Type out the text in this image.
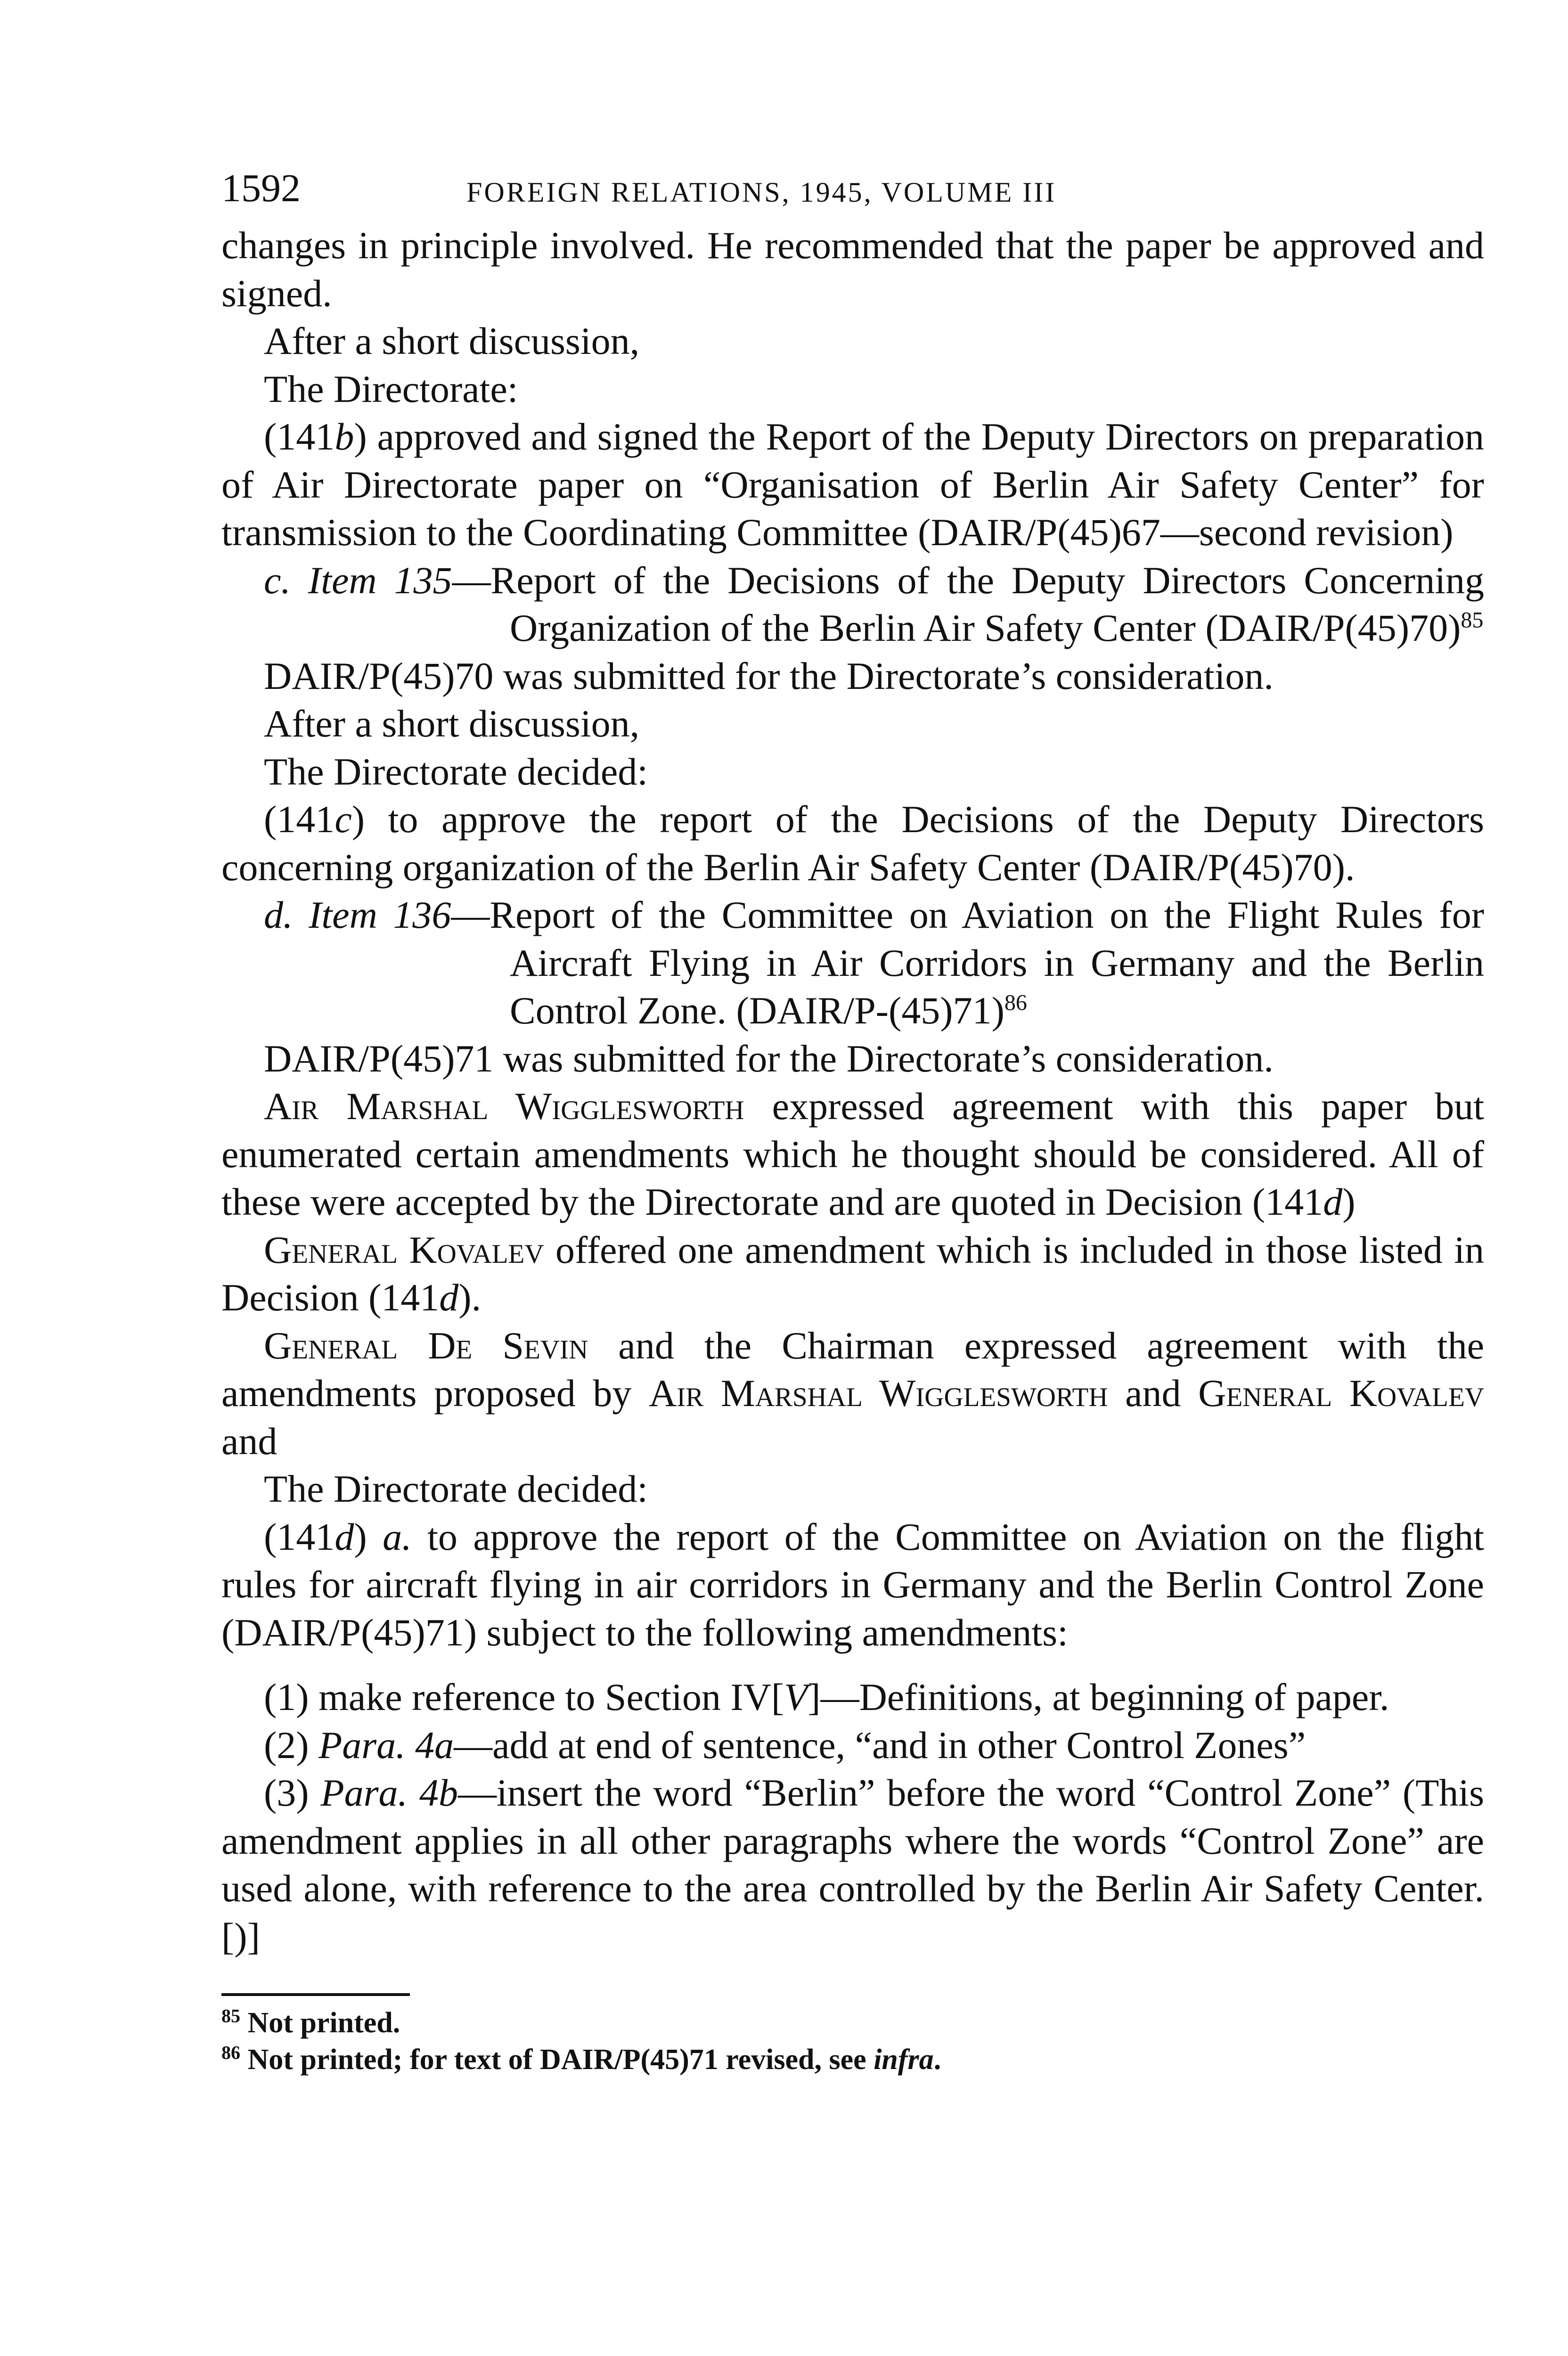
1592	FOREIGN RELATIONS, 1945, VOLUME III

changes in principle involved. He recommended that the paper be approved and signed.

After a short discussion,

The Directorate:

(141b) approved and signed the Report of the Deputy Directors on preparation of Air Directorate paper on “Organisation of Berlin Air Safety Center” for transmission to the Coordinating Committee (DAIR/P(45)67—second revision)

c. Item 135—Report of the Decisions of the Deputy Directors Concerning Organization of the Berlin Air Safety Center (DAIR/P(45)70)$^{85}$

DAIR/P(45)70 was submitted for the Directorate’s consideration.

After a short discussion,

The Directorate decided:

(141c) to approve the report of the Decisions of the Deputy Directors concerning organization of the Berlin Air Safety Center (DAIR/P(45)70).

d. Item 136—Report of the Committee on Aviation on the Flight Rules for Aircraft Flying in Air Corridors in Germany and the Berlin Control Zone. (DAIR/P-(45)71)$^{86}$

DAIR/P(45)71 was submitted for the Directorate’s consideration.

Air Marshal Wigglesworth expressed agreement with this paper but enumerated certain amendments which he thought should be considered. All of these were accepted by the Directorate and are quoted in Decision (141d)

General Kovalev offered one amendment which is included in those listed in Decision (141d).

General De Sevin and the Chairman expressed agreement with the amendments proposed by Air Marshal Wigglesworth and General Kovalev and

The Directorate decided:

(141d) a. to approve the report of the Committee on Aviation on the flight rules for aircraft flying in air corridors in Germany and the Berlin Control Zone (DAIR/P(45)71) subject to the following amendments:

(1) make reference to Section IV[V]—Definitions, at beginning of paper.

(2) Para. 4a—add at end of sentence, “and in other Control Zones”

(3) Para. 4b—insert the word “Berlin” before the word “Control Zone” (This amendment applies in all other paragraphs where the words “Control Zone” are used alone, with reference to the area controlled by the Berlin Air Safety Center.[)]

$^{85}$ Not printed.

$^{86}$ Not printed; for text of DAIR/P(45)71 revised, see infra.
